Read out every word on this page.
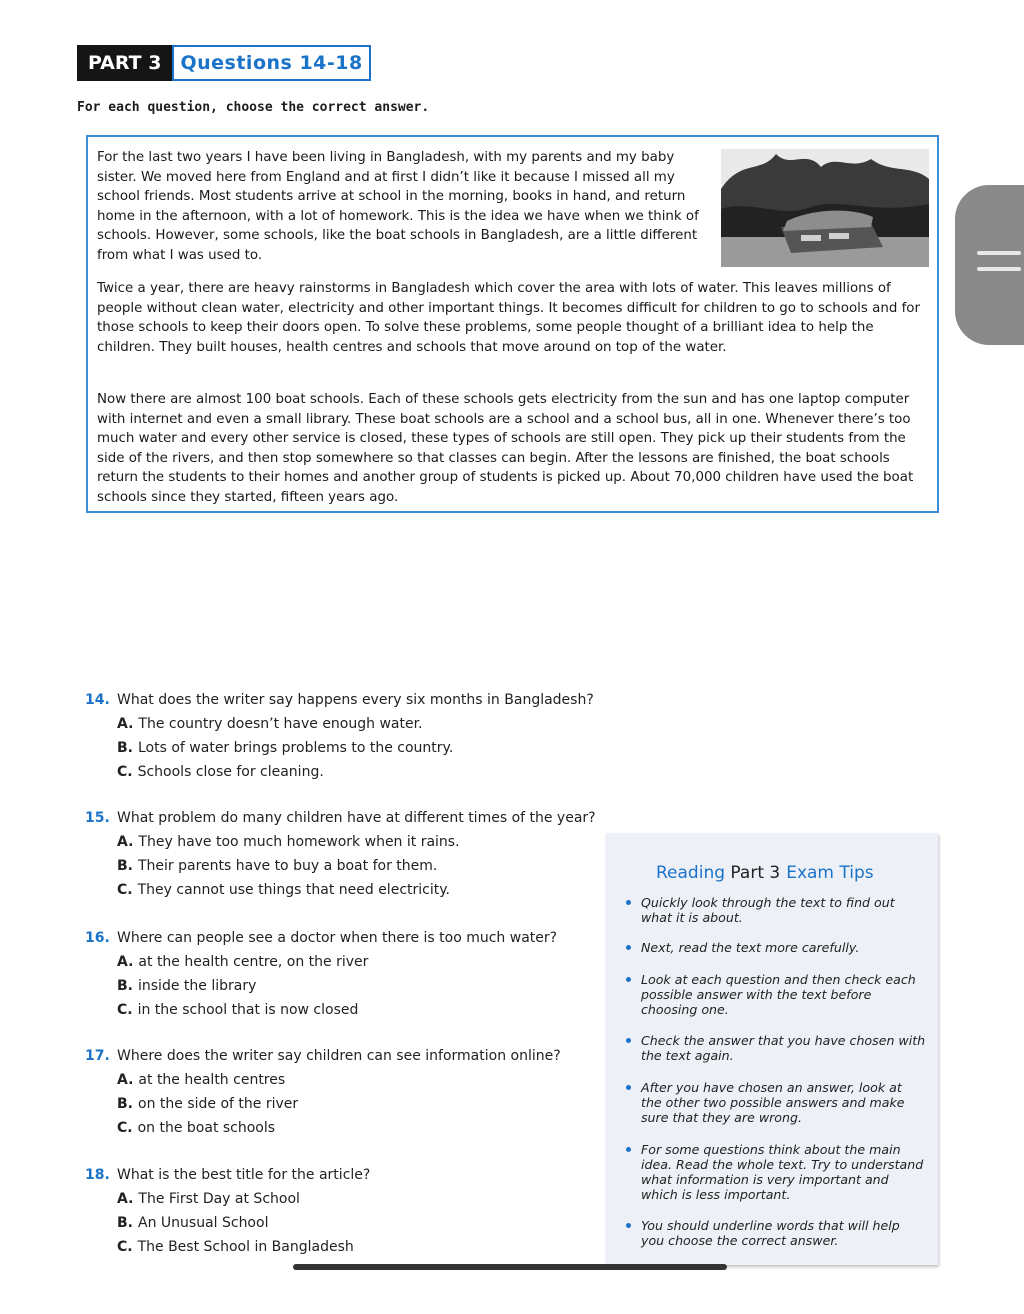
PART 3	Questions 14-18
For each question, choose the correct answer.

For the last two years I have been living in Bangladesh, with my parents and my baby sister. We moved here from England and at first I didn’t like it because I missed all my school friends. Most students arrive at school in the morning, books in hand, and return home in the afternoon, with a lot of homework. This is the idea we have when we think of schools. However, some schools, like the boat schools in Bangladesh, are a little different from what I was used to.

Twice a year, there are heavy rainstorms in Bangladesh which cover the area with lots of water. This leaves millions of people without clean water, electricity and other important things. It becomes difficult for children to go to schools and for those schools to keep their doors open. To solve these problems, some people thought of a brilliant idea to help the children. They built houses, health centres and schools that move around on top of the water.

Now there are almost 100 boat schools. Each of these schools gets electricity from the sun and has one laptop computer with internet and even a small library. These boat schools are a school and a school bus, all in one. Whenever there’s too much water and every other service is closed, these types of schools are still open. They pick up their students from the side of the rivers, and then stop somewhere so that classes can begin. After the lessons are finished, the boat schools return the students to their homes and another group of students is picked up. About 70,000 children have used the boat schools since they started, fifteen years ago.

14. What does the writer say happens every six months in Bangladesh?
A. The country doesn’t have enough water.
B. Lots of water brings problems to the country.
C. Schools close for cleaning.
15. What problem do many children have at different times of the year?
A. They have too much homework when it rains.
B. Their parents have to buy a boat for them.
C. They cannot use things that need electricity.
16. Where can people see a doctor when there is too much water?
A. at the health centre, on the river
B. inside the library
C. in the school that is now closed
17. Where does the writer say children can see information online?
A. at the health centres
B. on the side of the river
C. on the boat schools
18. What is the best title for the article?
A. The First Day at School
B. An Unusual School
C. The Best School in Bangladesh
Reading Part 3 Exam Tips
Quickly look through the text to find out what it is about.
Next, read the text more carefully.
Look at each question and then check each possible answer with the text before choosing one.
Check the answer that you have chosen with the text again.
After you have chosen an answer, look at the other two possible answers and make sure that they are wrong.
For some questions think about the main idea. Read the whole text. Try to understand what information is very important and which is less important.
You should underline words that will help you choose the correct answer.
